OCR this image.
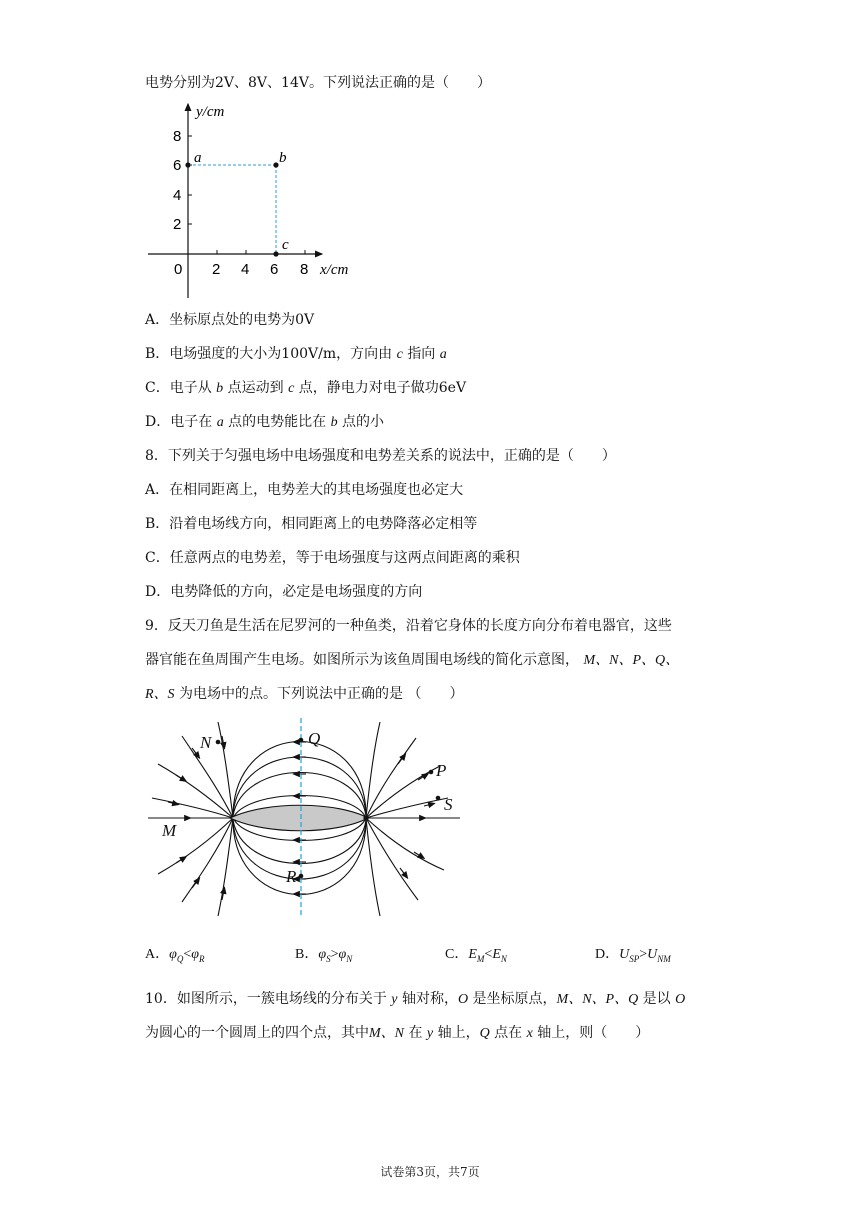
电势分别为2V、8V、14V。下列说法正确的是（　　）
y/cm
x/cm
8
6
4
2
0 2 4 6 8
a	b
c
A．坐标原点处的电势为0V
B．电场强度的大小为100V/m，方向由 c 指向 a
C．电子从 b 点运动到 c 点，静电力对电子做功6eV
D．电子在 a 点的电势能比在 b 点的小
8．下列关于匀强电场中电场强度和电势差关系的说法中，正确的是（　　）
A．在相同距离上，电势差大的其电场强度也必定大
B．沿着电场线方向，相同距离上的电势降落必定相等
C．任意两点的电势差，等于电场强度与这两点间距离的乘积
D．电势降低的方向，必定是电场强度的方向
9．反天刀鱼是生活在尼罗河的一种鱼类，沿着它身体的长度方向分布着电器官，这些
器官能在鱼周围产生电场。如图所示为该鱼周围电场线的简化示意图， M、N、P、Q、
R、S 为电场中的点。下列说法中正确的是 （　　）
N	Q
P
S
M
R
A．$\varphi_Q<\varphi_R$	B．$\varphi_S>\varphi_N$	C．$E_M<E_N$	D．$U_{SP}>U_{NM}$
10．如图所示，一簇电场线的分布关于 y 轴对称，O 是坐标原点，M、N、P、Q 是以 O
为圆心的一个圆周上的四个点，其中M、N 在 y 轴上，Q 点在 x 轴上，则（　　）
试卷第3页，共7页
